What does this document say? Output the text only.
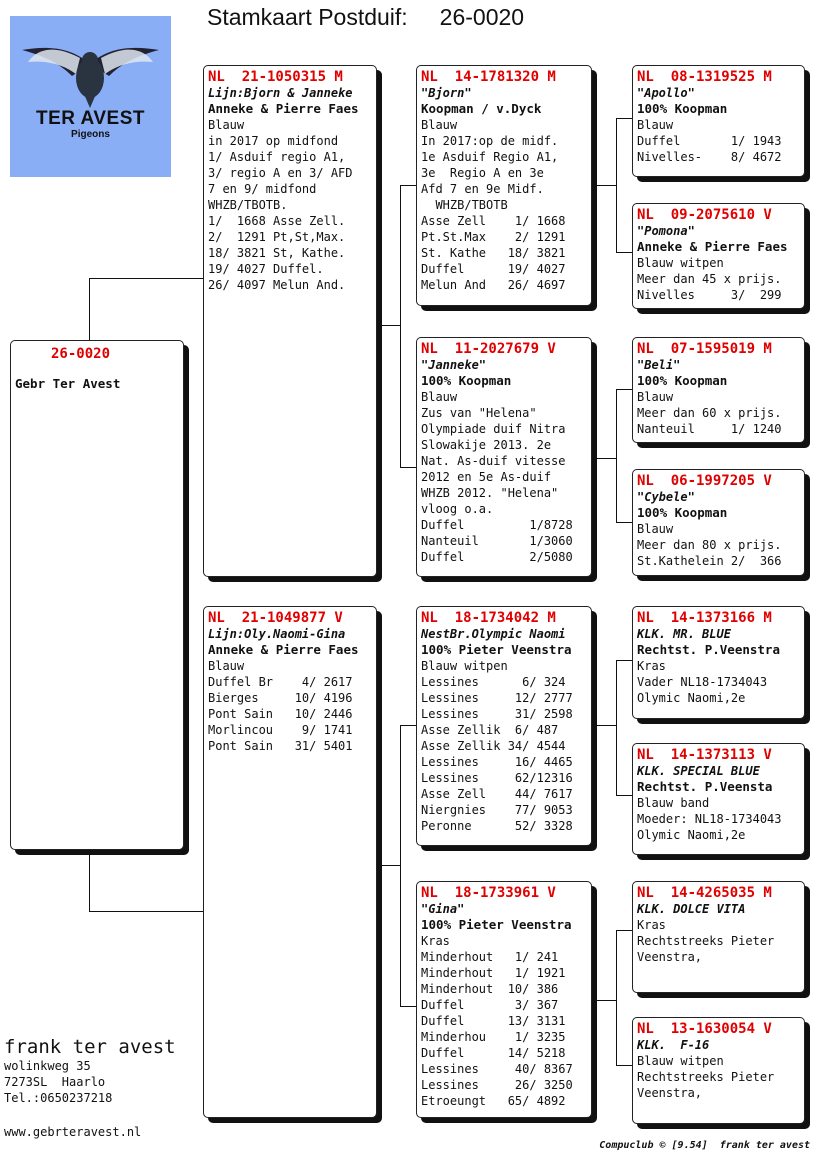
Stamkaart Postduif: 26-0020
TER AVEST
Pigeons
26-0020
Gebr Ter Avest
NL  21-1050315 M
Lijn:Bjorn & Janneke
Anneke & Pierre Faes
Blauw
in 2017 op midfond
1/ Asduif regio A1,
3/ regio A en 3/ AFD
7 en 9/ midfond
WHZB/TBOTB.
1/  1668 Asse Zell.
2/  1291 Pt,St,Max.
18/ 3821 St, Kathe.
19/ 4027 Duffel.
26/ 4097 Melun And.
NL  21-1049877 V
Lijn:Oly.Naomi-Gina
Anneke & Pierre Faes
Blauw
Duffel Br    4/ 2617
Bierges     10/ 4196
Pont Sain   10/ 2446
Morlincou    9/ 1741
Pont Sain   31/ 5401
NL  14-1781320 M
"Bjorn"
Koopman / v.Dyck
Blauw
In 2017:op de midf.
1e Asduif Regio A1,
3e  Regio A en 3e
Afd 7 en 9e Midf.
WHZB/TBOTB
Asse Zell    1/ 1668
Pt.St.Max    2/ 1291
St. Kathe   18/ 3821
Duffel      19/ 4027
Melun And   26/ 4697
NL  11-2027679 V
"Janneke"
100% Koopman
Blauw
Zus van "Helena"
Olympiade duif Nitra
Slowakije 2013. 2e
Nat. As-duif vitesse
2012 en 5e As-duif
WHZB 2012. "Helena"
vloog o.a.
Duffel         1/8728
Nanteuil       1/3060
Duffel         2/5080
NL  18-1734042 M
NestBr.Olympic Naomi
100% Pieter Veenstra
Blauw witpen
Lessines      6/ 324
Lessines     12/ 2777
Lessines     31/ 2598
Asse Zellik  6/ 487
Asse Zellik 34/ 4544
Lessines     16/ 4465
Lessines     62/12316
Asse Zell    44/ 7617
Niergnies    77/ 9053
Peronne      52/ 3328
NL  18-1733961 V
"Gina"
100% Pieter Veenstra
Kras
Minderhout   1/ 241
Minderhout   1/ 1921
Minderhout  10/ 386
Duffel       3/ 367
Duffel      13/ 3131
Minderhou    1/ 3235
Duffel      14/ 5218
Lessines     40/ 8367
Lessines     26/ 3250
Etroeungt   65/ 4892
NL  08-1319525 M
"Apollo"
100% Koopman
Blauw
Duffel       1/ 1943
Nivelles-    8/ 4672
NL  09-2075610 V
"Pomona"
Anneke & Pierre Faes
Blauw witpen
Meer dan 45 x prijs.
Nivelles     3/  299
NL  07-1595019 M
"Beli"
100% Koopman
Blauw
Meer dan 60 x prijs.
Nanteuil     1/ 1240
NL  06-1997205 V
"Cybele"
100% Koopman
Blauw
Meer dan 80 x prijs.
St.Kathelein 2/  366
NL  14-1373166 M
KLK. MR. BLUE
Rechtst. P.Veenstra
Kras
Vader NL18-1734043
Olymic Naomi,2e
NL  14-1373113 V
KLK. SPECIAL BLUE
Rechtst. P.Veensta
Blauw band
Moeder: NL18-1734043
Olymic Naomi,2e
NL  14-4265035 M
KLK. DOLCE VITA
Kras
Rechtstreeks Pieter
Veenstra,
NL  13-1630054 V
KLK.  F-16
Blauw witpen
Rechtstreeks Pieter
Veenstra,
frank ter avest
wolinkweg 35
7273SL  Haarlo
Tel.:0650237218
www.gebrteravest.nl
Compuclub © [9.54]  frank ter avest
